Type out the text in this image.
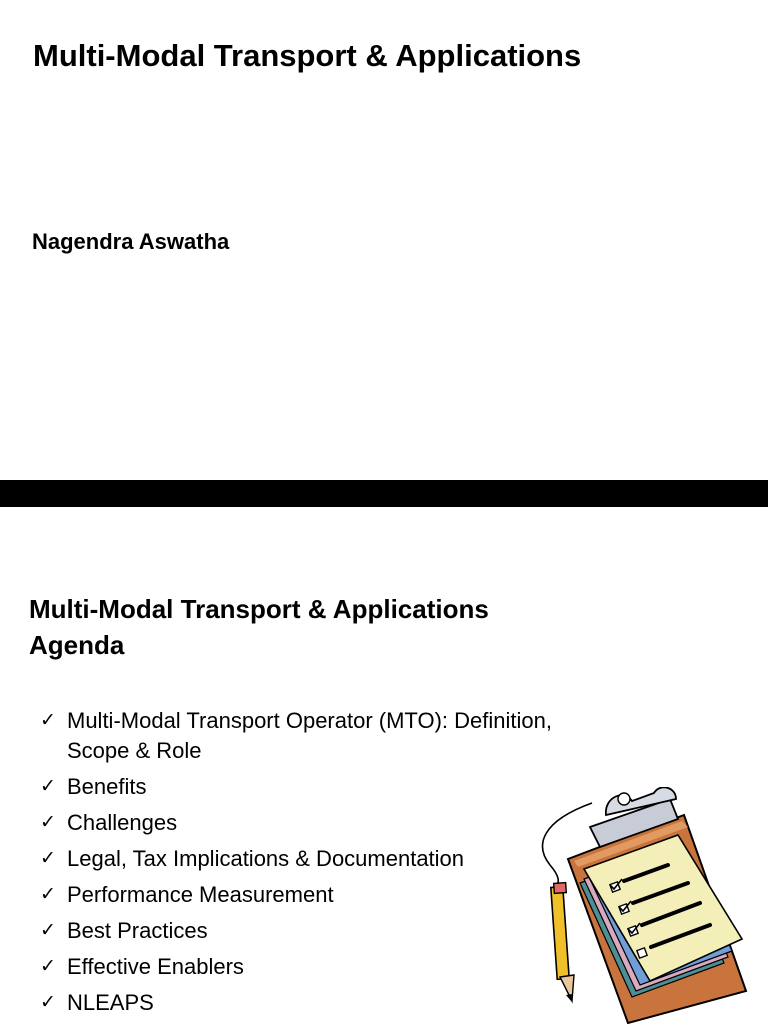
Multi-Modal Transport & Applications

Nagendra Aswatha

Multi-Modal Transport & Applications
Agenda
✓ Multi-Modal Transport Operator (MTO): Definition,
Scope & Role
✓ Benefits
✓ Challenges
✓ Legal, Tax Implications & Documentation
✓ Performance Measurement
✓ Best Practices
✓ Effective Enablers
✓ NLEAPS
